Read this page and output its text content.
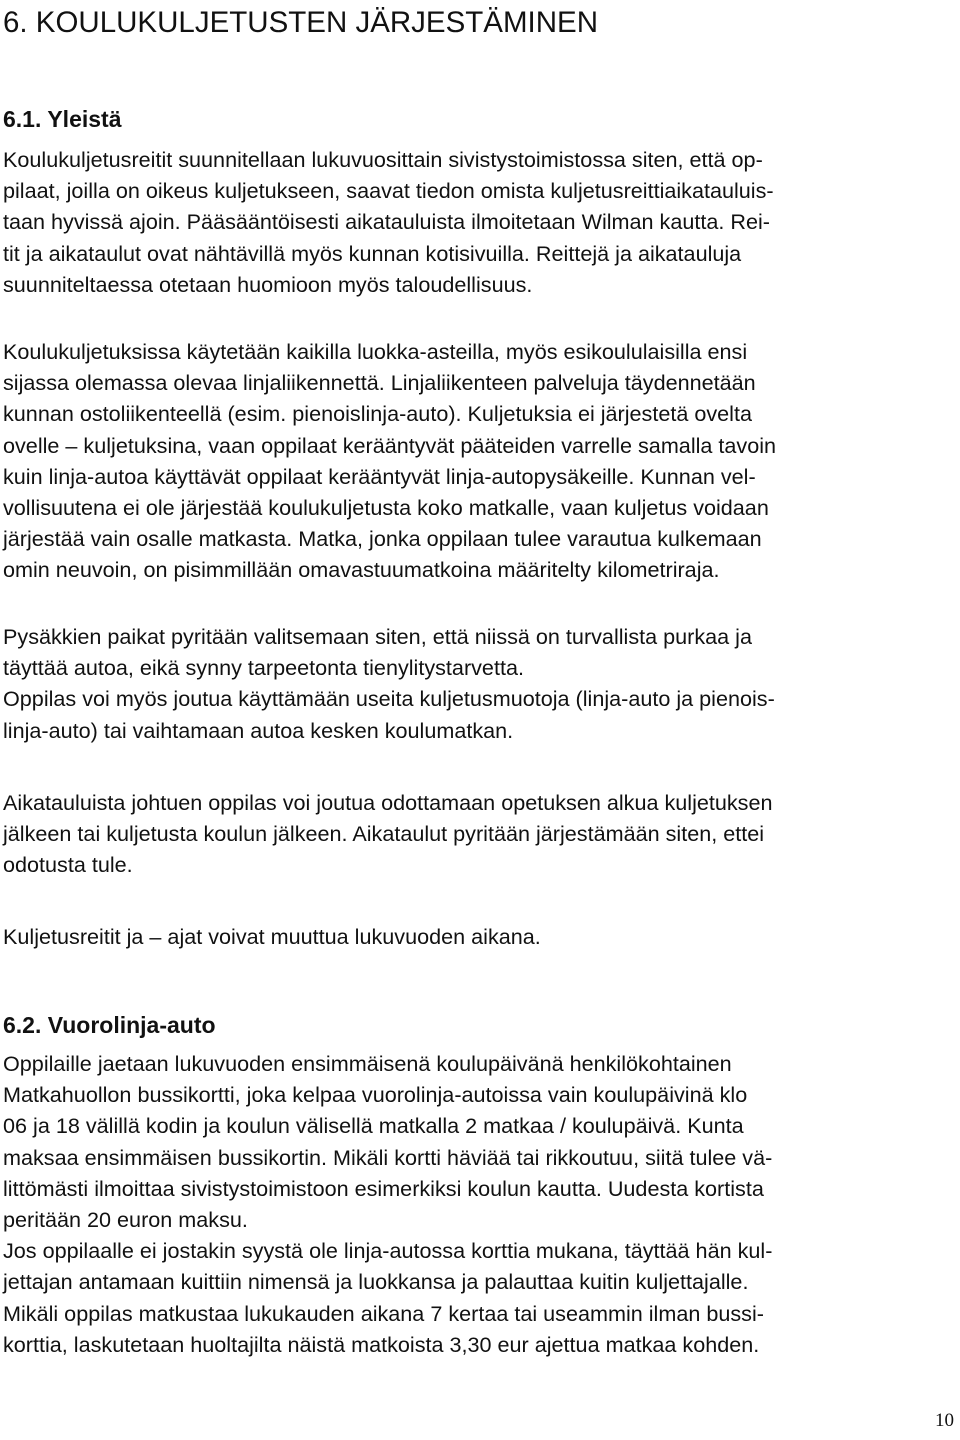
6. KOULUKULJETUSTEN JÄRJESTÄMINEN
6.1. Yleistä
Koulukuljetusreitit suunnitellaan lukuvuosittain sivistystoimistossa siten, että op-
pilaat, joilla on oikeus kuljetukseen, saavat tiedon omista kuljetusreittiaikatauluis-
taan hyvissä ajoin. Pääsääntöisesti aikatauluista ilmoitetaan Wilman kautta. Rei-
tit ja aikataulut ovat nähtävillä myös kunnan kotisivuilla. Reittejä ja aikatauluja
suunniteltaessa otetaan huomioon myös taloudellisuus.
Koulukuljetuksissa käytetään kaikilla luokka-asteilla, myös esikoululaisilla ensi
sijassa olemassa olevaa linjaliikennettä. Linjaliikenteen palveluja täydennetään
kunnan ostoliikenteellä (esim. pienoislinja-auto). Kuljetuksia ei järjestetä ovelta
ovelle – kuljetuksina, vaan oppilaat kerääntyvät pääteiden varrelle samalla tavoin
kuin linja-autoa käyttävät oppilaat kerääntyvät linja-autopysäkeille. Kunnan vel-
vollisuutena ei ole järjestää koulukuljetusta koko matkalle, vaan kuljetus voidaan
järjestää vain osalle matkasta. Matka, jonka oppilaan tulee varautua kulkemaan
omin neuvoin, on pisimmillään omavastuumatkoina määritelty kilometriraja.
Pysäkkien paikat pyritään valitsemaan siten, että niissä on turvallista purkaa ja
täyttää autoa, eikä synny tarpeetonta tienylitystarvetta.
Oppilas voi myös joutua käyttämään useita kuljetusmuotoja (linja-auto ja pienois-
linja-auto) tai vaihtamaan autoa kesken koulumatkan.
Aikatauluista johtuen oppilas voi joutua odottamaan opetuksen alkua kuljetuksen
jälkeen tai kuljetusta koulun jälkeen. Aikataulut pyritään järjestämään siten, ettei
odotusta tule.
Kuljetusreitit ja – ajat voivat muuttua lukuvuoden aikana.
6.2. Vuorolinja-auto
Oppilaille jaetaan lukuvuoden ensimmäisenä koulupäivänä henkilökohtainen
Matkahuollon bussikortti, joka kelpaa vuorolinja-autoissa vain koulupäivinä klo
06 ja 18 välillä kodin ja koulun välisellä matkalla 2 matkaa / koulupäivä. Kunta
maksaa ensimmäisen bussikortin. Mikäli kortti häviää tai rikkoutuu, siitä tulee vä-
littömästi ilmoittaa sivistystoimistoon esimerkiksi koulun kautta. Uudesta kortista
peritään 20 euron maksu.
Jos oppilaalle ei jostakin syystä ole linja-autossa korttia mukana, täyttää hän kul-
jettajan antamaan kuittiin nimensä ja luokkansa ja palauttaa kuitin kuljettajalle.
Mikäli oppilas matkustaa lukukauden aikana 7 kertaa tai useammin ilman bussi-
korttia, laskutetaan huoltajilta näistä matkoista 3,30 eur ajettua matkaa kohden.
10
